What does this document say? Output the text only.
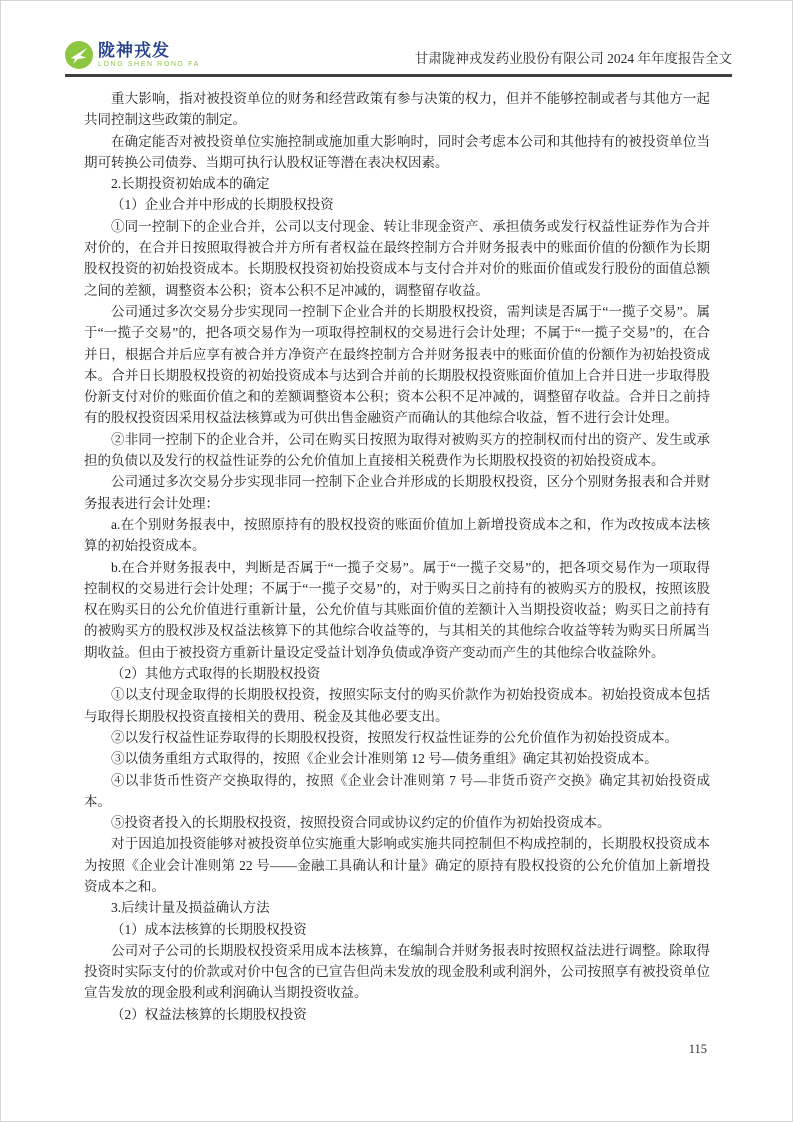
陇神戎发
LONG SHEN RONG FA	甘肃陇神戎发药业股份有限公司 2024 年年度报告全文

重大影响，指对被投资单位的财务和经营政策有参与决策的权力，但并不能够控制或者与其他方一起共同控制这些政策的制定。

在确定能否对被投资单位实施控制或施加重大影响时，同时会考虑本公司和其他持有的被投资单位当期可转换公司债券、当期可执行认股权证等潜在表决权因素。

2.长期投资初始成本的确定

（1）企业合并中形成的长期股权投资

①同一控制下的企业合并，公司以支付现金、转让非现金资产、承担债务或发行权益性证券作为合并对价的，在合并日按照取得被合并方所有者权益在最终控制方合并财务报表中的账面价值的份额作为长期股权投资的初始投资成本。长期股权投资初始投资成本与支付合并对价的账面价值或发行股份的面值总额之间的差额，调整资本公积；资本公积不足冲减的，调整留存收益。

公司通过多次交易分步实现同一控制下企业合并的长期股权投资，需判读是否属于“一揽子交易”。属于“一揽子交易”的，把各项交易作为一项取得控制权的交易进行会计处理；不属于“一揽子交易”的，在合并日，根据合并后应享有被合并方净资产在最终控制方合并财务报表中的账面价值的份额作为初始投资成本。合并日长期股权投资的初始投资成本与达到合并前的长期股权投资账面价值加上合并日进一步取得股份新支付对价的账面价值之和的差额调整资本公积；资本公积不足冲减的，调整留存收益。合并日之前持有的股权投资因采用权益法核算或为可供出售金融资产而确认的其他综合收益，暂不进行会计处理。

②非同一控制下的企业合并，公司在购买日按照为取得对被购买方的控制权而付出的资产、发生或承担的负债以及发行的权益性证券的公允价值加上直接相关税费作为长期股权投资的初始投资成本。

公司通过多次交易分步实现非同一控制下企业合并形成的长期股权投资，区分个别财务报表和合并财务报表进行会计处理：

a.在个别财务报表中，按照原持有的股权投资的账面价值加上新增投资成本之和，作为改按成本法核算的初始投资成本。

b.在合并财务报表中，判断是否属于“一揽子交易”。属于“一揽子交易”的，把各项交易作为一项取得控制权的交易进行会计处理；不属于“一揽子交易”的，对于购买日之前持有的被购买方的股权，按照该股权在购买日的公允价值进行重新计量，公允价值与其账面价值的差额计入当期投资收益；购买日之前持有的被购买方的股权涉及权益法核算下的其他综合收益等的，与其相关的其他综合收益等转为购买日所属当期收益。但由于被投资方重新计量设定受益计划净负债或净资产变动而产生的其他综合收益除外。

（2）其他方式取得的长期股权投资

①以支付现金取得的长期股权投资，按照实际支付的购买价款作为初始投资成本。初始投资成本包括与取得长期股权投资直接相关的费用、税金及其他必要支出。

②以发行权益性证券取得的长期股权投资，按照发行权益性证券的公允价值作为初始投资成本。

③以债务重组方式取得的，按照《企业会计准则第 12 号—债务重组》确定其初始投资成本。

④以非货币性资产交换取得的，按照《企业会计准则第 7 号—非货币资产交换》确定其初始投资成本。

⑤投资者投入的长期股权投资，按照投资合同或协议约定的价值作为初始投资成本。

对于因追加投资能够对被投资单位实施重大影响或实施共同控制但不构成控制的，长期股权投资成本为按照《企业会计准则第 22 号——金融工具确认和计量》确定的原持有股权投资的公允价值加上新增投资成本之和。

3.后续计量及损益确认方法

（1）成本法核算的长期股权投资

公司对子公司的长期股权投资采用成本法核算，在编制合并财务报表时按照权益法进行调整。除取得投资时实际支付的价款或对价中包含的已宣告但尚未发放的现金股利或利润外，公司按照享有被投资单位宣告发放的现金股利或利润确认当期投资收益。

（2）权益法核算的长期股权投资

115
